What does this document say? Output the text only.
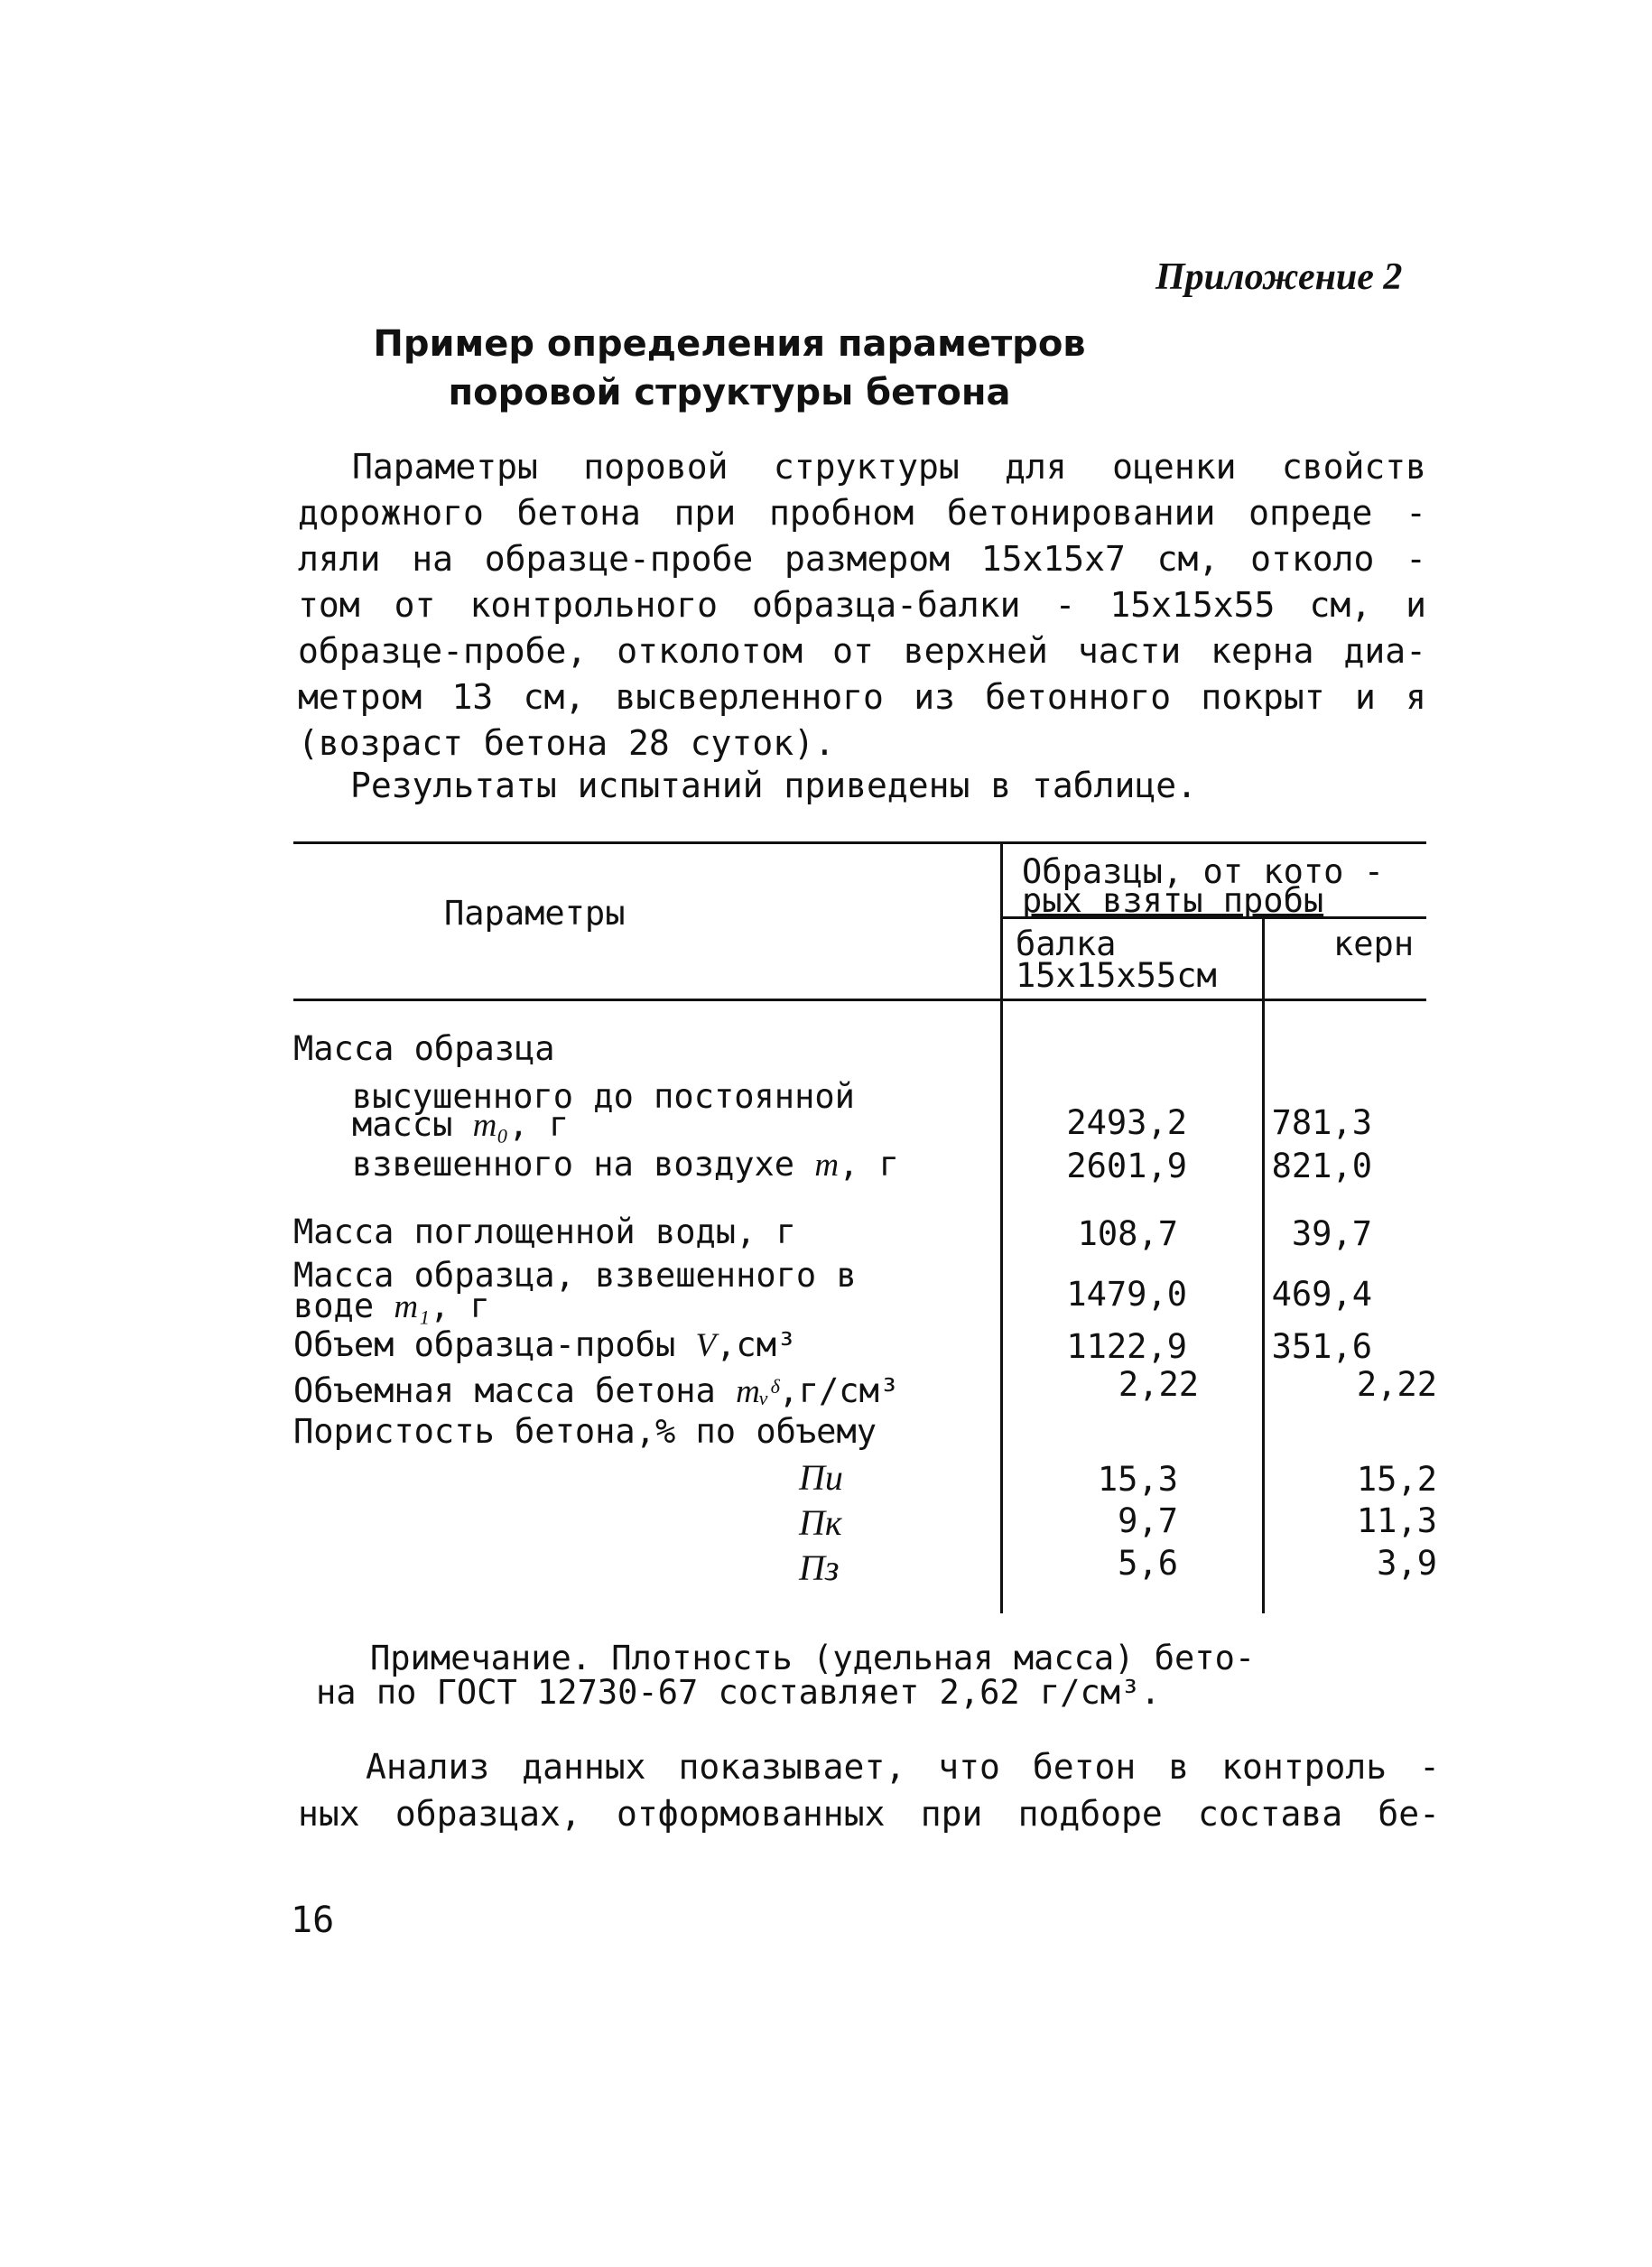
Приложение 2
Пример определения параметров
поровой структуры бетона
Параметры поровой структуры для оценки свойств
дорожного бетона при пробном бетонировании опреде -
ляли на образце-пробе размером 15х15х7 см, отколо -
том от контрольного образца-балки - 15х15х55 см, и
образце-пробе, отколотом от верхней части керна диа-
метром 13 см, высверленного из бетонного покрыт и я
(возраст бетона 28 суток).
Результаты испытаний приведены в таблице.
Параметры
Образцы, от кото -
рых взяты пробы
балка
15х15х55см
керн
Масса образца
высушенного до постоянной
массы m₀, г
взвешенного на воздухе m, г
Масса поглощенной воды, г
Масса образца, взвешенного в
воде m₁, г
Объем образца-пробы V,см³
Объемная масса бетона mᵥᵟ,г/см³
Пористость бетона,% по объему
Пи
Пк
Пз
2493,2
2601,9
108,7
1479,0
1122,9
2,22
15,3
9,7
5,6
781,3
821,0
39,7
469,4
351,6
2,22
15,2
11,3
3,9
Примечание. Плотность (удельная масса) бето-
на по ГОСТ 12730-67 составляет 2,62 г/см³.
Анализ данных показывает, что бетон в контроль -
ных образцах, отформованных при подборе состава бе-
16
